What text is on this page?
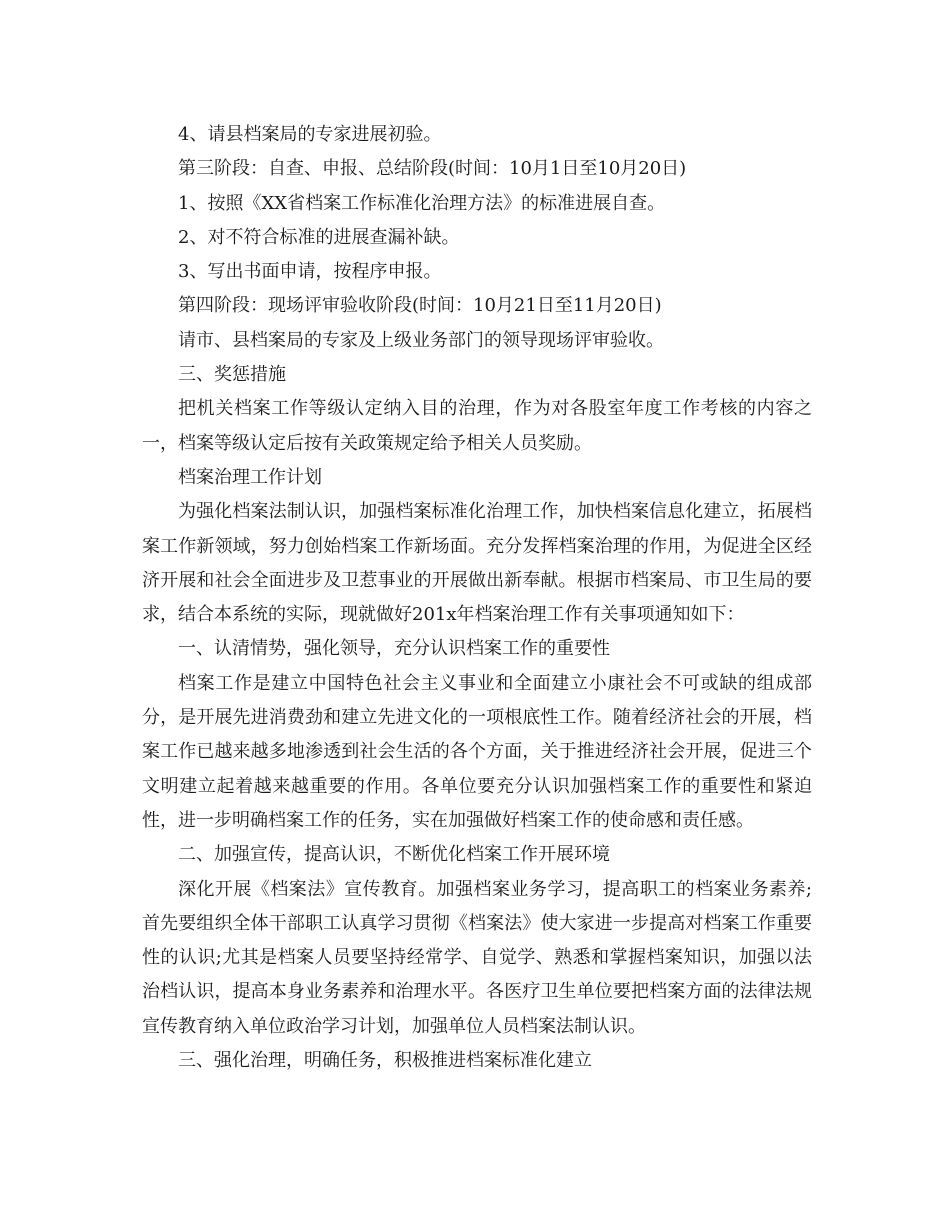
4、请县档案局的专家进展初验。

第三阶段：自查、申报、总结阶段(时间：10月1日至10月20日)

1、按照《XX省档案工作标准化治理方法》的标准进展自查。

2、对不符合标准的进展查漏补缺。

3、写出书面申请，按程序申报。

第四阶段：现场评审验收阶段(时间：10月21日至11月20日)

请市、县档案局的专家及上级业务部门的领导现场评审验收。

三、奖惩措施

把机关档案工作等级认定纳入目的治理，作为对各股室年度工作考核的内容之一，档案等级认定后按有关政策规定给予相关人员奖励。

档案治理工作计划

为强化档案法制认识，加强档案标准化治理工作，加快档案信息化建立，拓展档案工作新领域，努力创始档案工作新场面。充分发挥档案治理的作用，为促进全区经济开展和社会全面进步及卫惹事业的开展做出新奉献。根据市档案局、市卫生局的要求，结合本系统的实际，现就做好201x年档案治理工作有关事项通知如下：

一、认清情势，强化领导，充分认识档案工作的重要性

档案工作是建立中国特色社会主义事业和全面建立小康社会不可或缺的组成部分，是开展先进消费劲和建立先进文化的一项根底性工作。随着经济社会的开展，档案工作已越来越多地渗透到社会生活的各个方面，关于推进经济社会开展，促进三个文明建立起着越来越重要的作用。各单位要充分认识加强档案工作的重要性和紧迫性，进一步明确档案工作的任务，实在加强做好档案工作的使命感和责任感。

二、加强宣传，提高认识，不断优化档案工作开展环境

深化开展《档案法》宣传教育。加强档案业务学习，提高职工的档案业务素养;首先要组织全体干部职工认真学习贯彻《档案法》使大家进一步提高对档案工作重要性的认识;尤其是档案人员要坚持经常学、自觉学、熟悉和掌握档案知识，加强以法治档认识，提高本身业务素养和治理水平。各医疗卫生单位要把档案方面的法律法规宣传教育纳入单位政治学习计划，加强单位人员档案法制认识。

三、强化治理，明确任务，积极推进档案标准化建立
